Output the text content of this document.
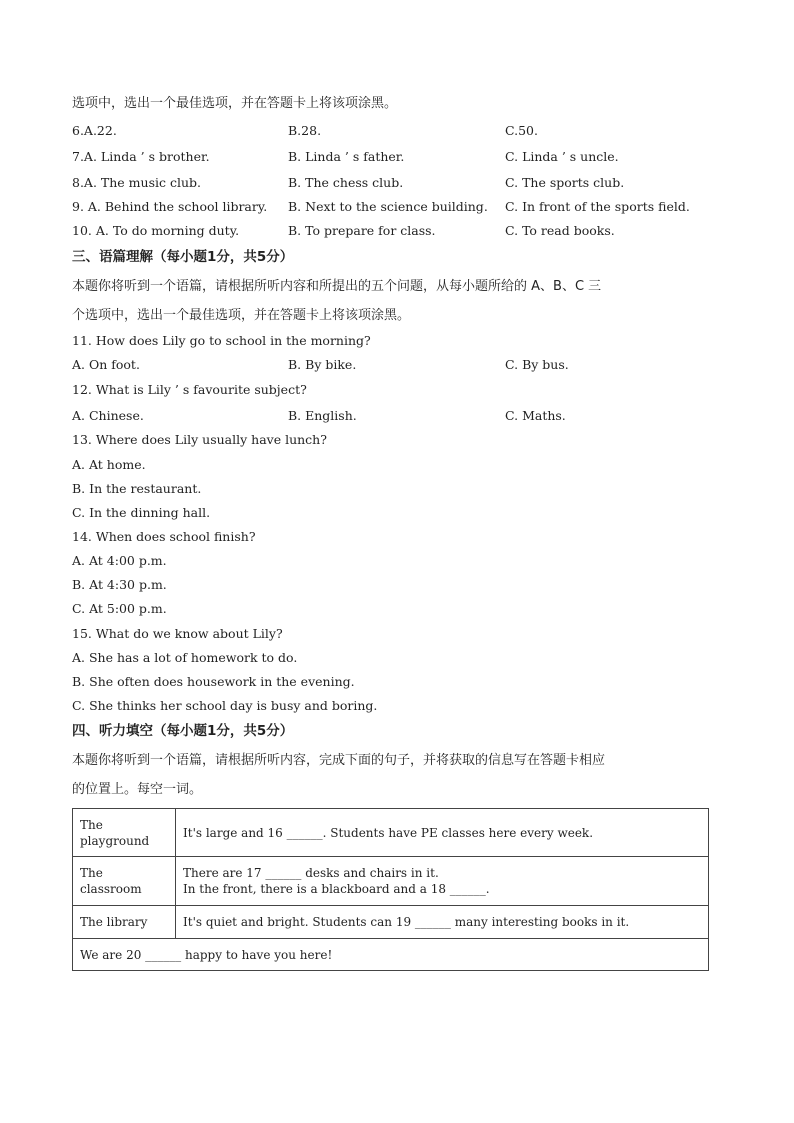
选项中，选出一个最佳选项，并在答题卡上将该项涂黑。
6.A.22.	B.28.	C.50.
7.A. Linda ’ s brother.	B. Linda ’ s father.	C. Linda ’ s uncle.
8.A. The music club.	B. The chess club.	C. The sports club.
9. A. Behind the school library. B. Next to the science building. C. In front of the sports field.
10. A. To do morning duty.	B. To prepare for class.	C. To read books.
三、语篇理解（每小题1分，共5分）
本题你将听到一个语篇，请根据所听内容和所提出的五个问题，从每小题所给的 A、B、C 三
个选项中，选出一个最佳选项，并在答题卡上将该项涂黑。
11. How does Lily go to school in the morning?
A. On foot.	B. By bike.	C. By bus.
12. What is Lily ’ s favourite subject?
A. Chinese.	B. English.	C. Maths.
13. Where does Lily usually have lunch?
A. At home.
B. In the restaurant.
C. In the dinning hall.
14. When does school finish?
A. At 4:00 p.m.
B. At 4:30 p.m.
C. At 5:00 p.m.
15. What do we know about Lily?
A. She has a lot of homework to do.
B. She often does housework in the evening.
C. She thinks her school day is busy and boring.
四、听力填空（每小题1分，共5分）
本题你将听到一个语篇，请根据所听内容，完成下面的句子，并将获取的信息写在答题卡相应
的位置上。每空一词。
The
playground	It's large and 16 ______. Students have PE classes here every week.
The classroom	There are 17 ______ desks and chairs in it.
In the front, there is a blackboard and a 18 ______.

The library	It's quiet and bright. Students can 19 ______ many interesting books in it.
We are 20 ______ happy to have you here!	
